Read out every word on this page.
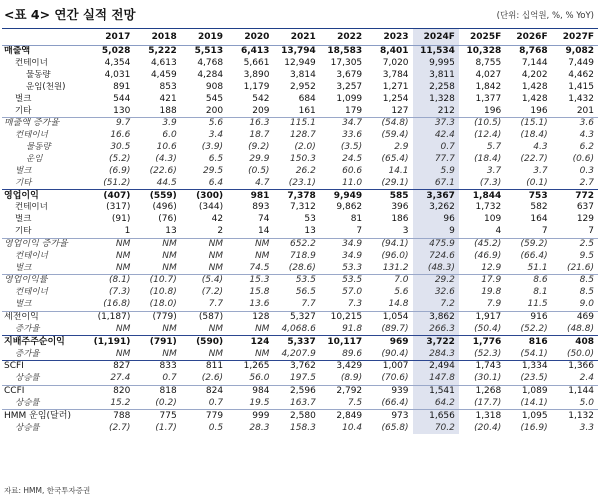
<표 4> 연간 실적 전망	(단위: 십억원, %, % YoY)
	2017	2018	2019	2020	2021	2022	2023	2024F	2025F	2026F	2027F
매출액	5,028	5,222	5,513	6,413	13,794	18,583	8,401	11,534	10,328	8,768	9,082
컨테이너	4,354	4,613	4,768	5,661	12,949	17,305	7,020	9,995	8,755	7,144	7,449
물동량	4,031	4,459	4,284	3,890	3,814	3,679	3,784	3,811	4,027	4,202	4,462
운임(천원)	891	853	908	1,179	2,952	3,257	1,271	2,258	1,842	1,428	1,415
벌크	544	421	545	542	684	1,099	1,254	1,328	1,377	1,428	1,432
기타	130	188	200	209	161	179	127	212	196	196	201
매출액 증가율	9.7	3.9	5.6	16.3	115.1	34.7	(54.8)	37.3	(10.5)	(15.1)	3.6
컨테이너	16.6	6.0	3.4	18.7	128.7	33.6	(59.4)	42.4	(12.4)	(18.4)	4.3
물동량	30.5	10.6	(3.9)	(9.2)	(2.0)	(3.5)	2.9	0.7	5.7	4.3	6.2
운임	(5.2)	(4.3)	6.5	29.9	150.3	24.5	(65.4)	77.7	(18.4)	(22.7)	(0.6)
벌크	(6.9)	(22.6)	29.5	(0.5)	26.2	60.6	14.1	5.9	3.7	3.7	0.3
기타	(51.2)	44.5	6.4	4.7	(23.1)	11.0	(29.1)	67.1	(7.3)	(0.1)	2.7
영업이익	(407)	(559)	(300)	981	7,378	9,949	585	3,367	1,844	753	772
컨테이너	(317)	(496)	(344)	893	7,312	9,862	396	3,262	1,732	582	637
벌크	(91)	(76)	42	74	53	81	186	96	109	164	129
기타	1	13	2	14	13	7	3	9	4	7	7
영업이익 증가율	NM	NM	NM	NM	652.2	34.9	(94.1)	475.9	(45.2)	(59.2)	2.5
컨테이너	NM	NM	NM	NM	718.9	34.9	(96.0)	724.6	(46.9)	(66.4)	9.5
벌크	NM	NM	NM	74.5	(28.6)	53.3	131.2	(48.3)	12.9	51.1	(21.6)
영업이익률	(8.1)	(10.7)	(5.4)	15.3	53.5	53.5	7.0	29.2	17.9	8.6	8.5
컨테이너	(7.3)	(10.8)	(7.2)	15.8	56.5	57.0	5.6	32.6	19.8	8.1	8.5
벌크	(16.8)	(18.0)	7.7	13.6	7.7	7.3	14.8	7.2	7.9	11.5	9.0
세전이익	(1,187)	(779)	(587)	128	5,327	10,215	1,054	3,862	1,917	916	469
증가율	NM	NM	NM	NM	4,068.6	91.8	(89.7)	266.3	(50.4)	(52.2)	(48.8)
지배주주순이익	(1,191)	(791)	(590)	124	5,337	10,117	969	3,722	1,776	816	408
증가율	NM	NM	NM	NM	4,207.9	89.6	(90.4)	284.3	(52.3)	(54.1)	(50.0)
SCFI	827	833	811	1,265	3,762	3,429	1,007	2,494	1,743	1,334	1,366
상승률	27.4	0.7	(2.6)	56.0	197.5	(8.9)	(70.6)	147.8	(30.1)	(23.5)	2.4
CCFI	820	818	824	984	2,596	2,792	939	1,541	1,268	1,089	1,144
상승률	15.2	(0.2)	0.7	19.5	163.7	7.5	(66.4)	64.2	(17.7)	(14.1)	5.0
HMM 운임(달러)	788	775	779	999	2,580	2,849	973	1,656	1,318	1,095	1,132
상승률	(2.7)	(1.7)	0.5	28.3	158.3	10.4	(65.8)	70.2	(20.4)	(16.9)	3.3
자료: HMM, 한국투자증권
